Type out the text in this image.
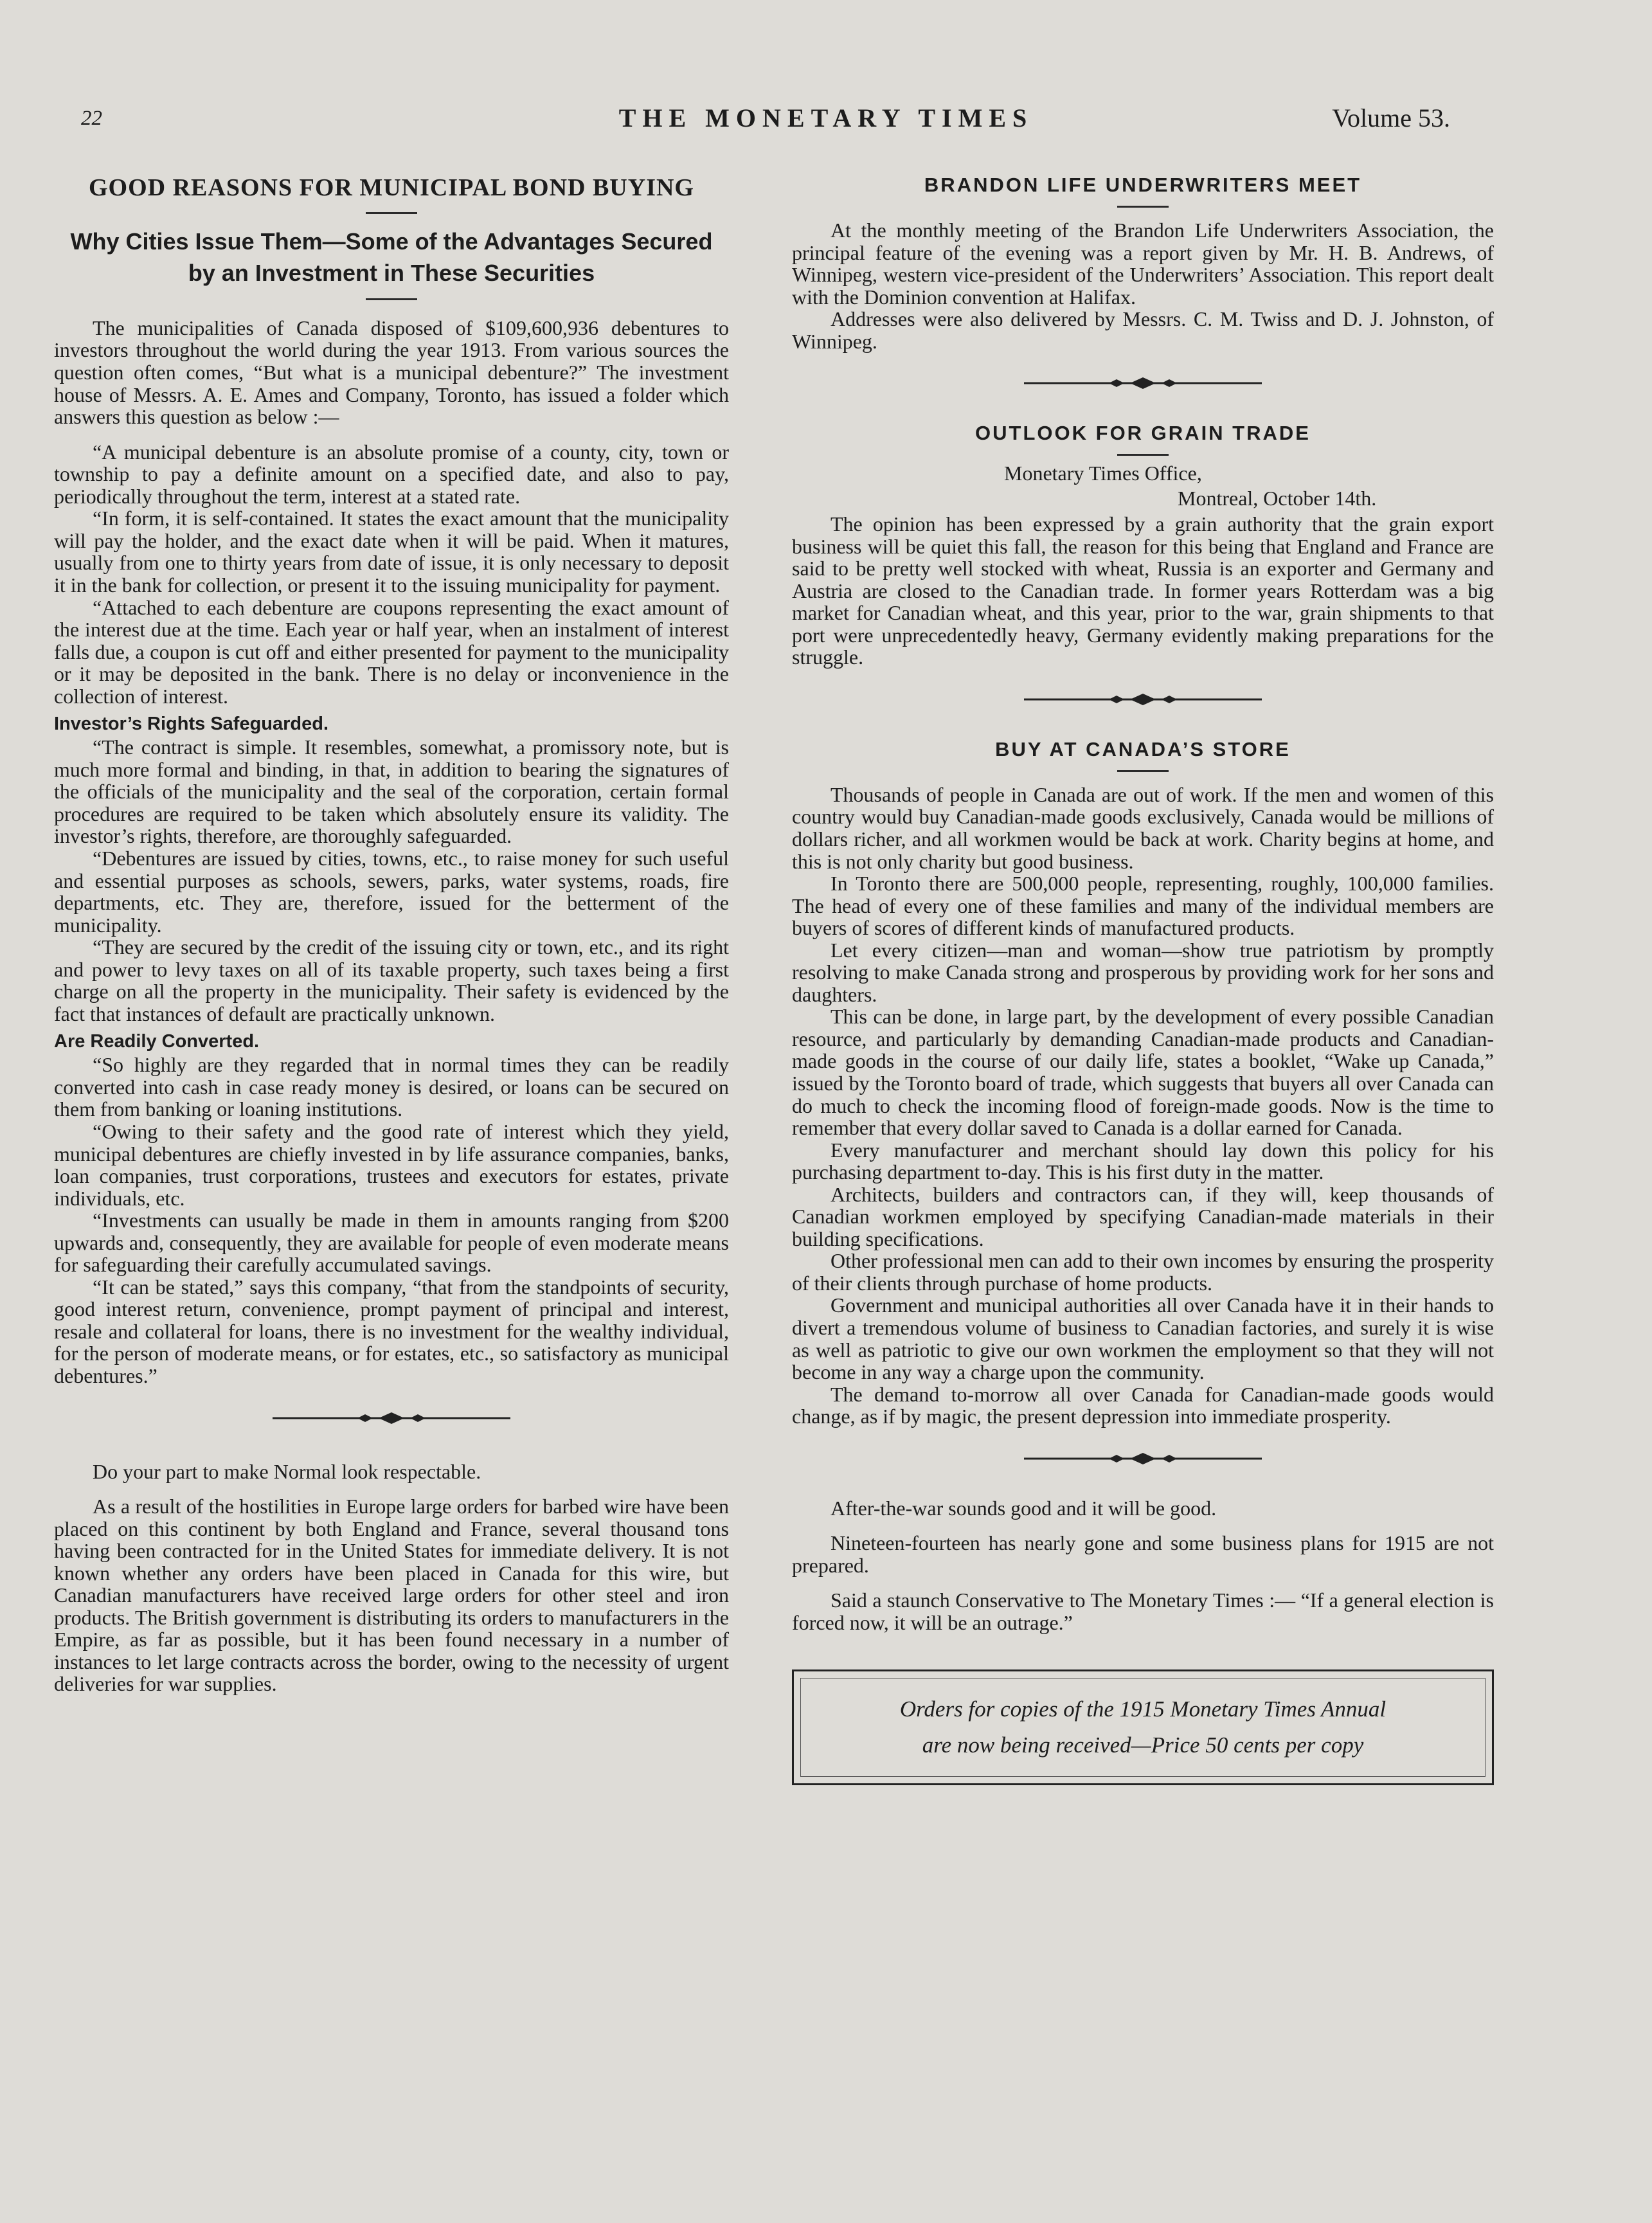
22	THE MONETARY TIMES	Volume 53.
GOOD REASONS FOR MUNICIPAL BOND BUYING
Why Cities Issue Them—Some of the Advantages Secured
by an Investment in These Securities

The municipalities of Canada disposed of $109,600,936 debentures to investors throughout the world during the year 1913. From various sources the question often comes, “But what is a municipal debenture?” The investment house of Messrs. A. E. Ames and Company, Toronto, has issued a folder which answers this question as below :—

“A municipal debenture is an absolute promise of a county, city, town or township to pay a definite amount on a specified date, and also to pay, periodically throughout the term, interest at a stated rate.

“In form, it is self-contained. It states the exact amount that the municipality will pay the holder, and the exact date when it will be paid. When it matures, usually from one to thirty years from date of issue, it is only necessary to deposit it in the bank for collection, or present it to the issuing municipality for payment.

“Attached to each debenture are coupons representing the exact amount of the interest due at the time. Each year or half year, when an instalment of interest falls due, a coupon is cut off and either presented for payment to the municipality or it may be deposited in the bank. There is no delay or inconvenience in the collection of interest.

Investor’s Rights Safeguarded.

“The contract is simple. It resembles, somewhat, a promissory note, but is much more formal and binding, in that, in addition to bearing the signatures of the officials of the municipality and the seal of the corporation, certain formal procedures are required to be taken which absolutely ensure its validity. The investor’s rights, therefore, are thoroughly safeguarded.

“Debentures are issued by cities, towns, etc., to raise money for such useful and essential purposes as schools, sewers, parks, water systems, roads, fire departments, etc. They are, therefore, issued for the betterment of the municipality.

“They are secured by the credit of the issuing city or town, etc., and its right and power to levy taxes on all of its taxable property, such taxes being a first charge on all the property in the municipality. Their safety is evidenced by the fact that instances of default are practically unknown.

Are Readily Converted.

“So highly are they regarded that in normal times they can be readily converted into cash in case ready money is desired, or loans can be secured on them from banking or loaning institutions.

“Owing to their safety and the good rate of interest which they yield, municipal debentures are chiefly invested in by life assurance companies, banks, loan companies, trust corporations, trustees and executors for estates, private individuals, etc.

“Investments can usually be made in them in amounts ranging from $200 upwards and, consequently, they are available for people of even moderate means for safeguarding their carefully accumulated savings.

“It can be stated,” says this company, “that from the standpoints of security, good interest return, convenience, prompt payment of principal and interest, resale and collateral for loans, there is no investment for the wealthy individual, for the person of moderate means, or for estates, etc., so satisfactory as municipal debentures.”

Do your part to make Normal look respectable.

As a result of the hostilities in Europe large orders for barbed wire have been placed on this continent by both England and France, several thousand tons having been contracted for in the United States for immediate delivery. It is not known whether any orders have been placed in Canada for this wire, but Canadian manufacturers have received large orders for other steel and iron products. The British government is distributing its orders to manufacturers in the Empire, as far as possible, but it has been found necessary in a number of instances to let large contracts across the border, owing to the necessity of urgent deliveries for war supplies.

BRANDON LIFE UNDERWRITERS MEET

At the monthly meeting of the Brandon Life Underwriters Association, the principal feature of the evening was a report given by Mr. H. B. Andrews, of Winnipeg, western vice-president of the Underwriters’ Association. This report dealt with the Dominion convention at Halifax.

Addresses were also delivered by Messrs. C. M. Twiss and D. J. Johnston, of Winnipeg.

OUTLOOK FOR GRAIN TRADE
Monetary Times Office,
Montreal, October 14th.

The opinion has been expressed by a grain authority that the grain export business will be quiet this fall, the reason for this being that England and France are said to be pretty well stocked with wheat, Russia is an exporter and Germany and Austria are closed to the Canadian trade. In former years Rotterdam was a big market for Canadian wheat, and this year, prior to the war, grain shipments to that port were unprecedentedly heavy, Germany evidently making preparations for the struggle.

BUY AT CANADA’S STORE

Thousands of people in Canada are out of work. If the men and women of this country would buy Canadian-made goods exclusively, Canada would be millions of dollars richer, and all workmen would be back at work. Charity begins at home, and this is not only charity but good business.

In Toronto there are 500,000 people, representing, roughly, 100,000 families. The head of every one of these families and many of the individual members are buyers of scores of different kinds of manufactured products.

Let every citizen—man and woman—show true patriotism by promptly resolving to make Canada strong and prosperous by providing work for her sons and daughters.

This can be done, in large part, by the development of every possible Canadian resource, and particularly by demanding Canadian-made products and Canadian-made goods in the course of our daily life, states a booklet, “Wake up Canada,” issued by the Toronto board of trade, which suggests that buyers all over Canada can do much to check the incoming flood of foreign-made goods. Now is the time to remember that every dollar saved to Canada is a dollar earned for Canada.

Every manufacturer and merchant should lay down this policy for his purchasing department to-day. This is his first duty in the matter.

Architects, builders and contractors can, if they will, keep thousands of Canadian workmen employed by specifying Canadian-made materials in their building specifications.

Other professional men can add to their own incomes by ensuring the prosperity of their clients through purchase of home products.

Government and municipal authorities all over Canada have it in their hands to divert a tremendous volume of business to Canadian factories, and surely it is wise as well as patriotic to give our own workmen the employment so that they will not become in any way a charge upon the community.

The demand to-morrow all over Canada for Canadian-made goods would change, as if by magic, the present depression into immediate prosperity.

After-the-war sounds good and it will be good.

Nineteen-fourteen has nearly gone and some business plans for 1915 are not prepared.

Said a staunch Conservative to The Monetary Times :— “If a general election is forced now, it will be an outrage.”

Orders for copies of the 1915 Monetary Times Annual
are now being received—Price 50 cents per copy
